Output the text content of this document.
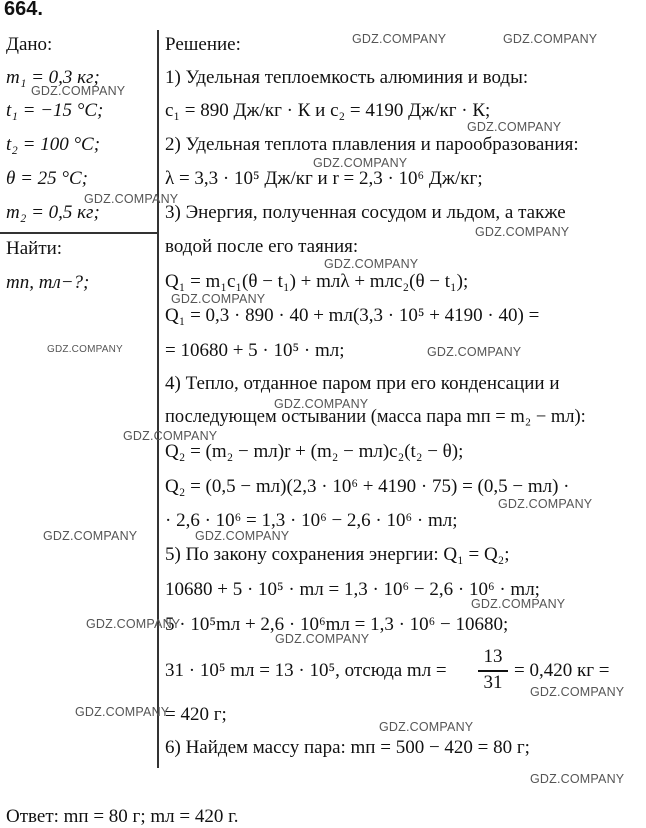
664.
Дано:
m₁ = 0,3 кг;
t₁ = −15 °C;
t₂ = 100 °C;
θ = 25 °C;
m₂ = 0,5 кг;
Найти:
mп, mл−?;
Решение:
1) Удельная теплоемкость алюминия и воды:
c₁ = 890 Дж/кг · К и c₂ = 4190 Дж/кг · К;
2) Удельная теплота плавления и парообразования:
λ = 3,3 · 10⁵ Дж/кг и r = 2,3 · 10⁶ Дж/кг;
3) Энергия, полученная сосудом и льдом, а также
водой после его таяния:
Q₁ = m₁c₁(θ − t₁) + mлλ + mлc₂(θ − t₁);
Q₁ = 0,3 · 890 · 40 + mл(3,3 · 10⁵ + 4190 · 40) =
= 10680 + 5 · 10⁵ · mл;
4) Тепло, отданное паром при его конденсации и
последующем остывании (масса пара mп = m₂ − mл):
Q₂ = (m₂ − mл)r + (m₂ − mл)c₂(t₂ − θ);
Q₂ = (0,5 − mл)(2,3 · 10⁶ + 4190 · 75) = (0,5 − mл) ·
· 2,6 · 10⁶ = 1,3 · 10⁶ − 2,6 · 10⁶ · mл;
5) По закону сохранения энергии: Q₁ = Q₂;
10680 + 5 · 10⁵ · mл = 1,3 · 10⁶ − 2,6 · 10⁶ · mл;
5 · 10⁵mл + 2,6 · 10⁶mл = 1,3 · 10⁶ − 10680;
31 · 10⁵ mл = 13 · 10⁵, отсюда mл =
13
31
= 0,420 кг =
= 420 г;
6) Найдем массу пара: mп = 500 − 420 = 80 г;
Ответ: mп = 80 г; mл = 420 г.
GDZ.COMPANY	GDZ.COMPANY
GDZ.COMPANY
GDZ.COMPANY
GDZ.COMPANY
GDZ.COMPANY
GDZ.COMPANY
GDZ.COMPANY
GDZ.COMPANY
GDZ.COMPANY	GDZ.COMPANY
GDZ.COMPANY
GDZ.COMPANY
GDZ.COMPANY
GDZ.COMPANY	GDZ.COMPANY
GDZ.COMPANY
GDZ.COMPANY
GDZ.COMPANY
GDZ.COMPANY
GDZ.COMPANY
GDZ.COMPANY
GDZ.COMPANY
